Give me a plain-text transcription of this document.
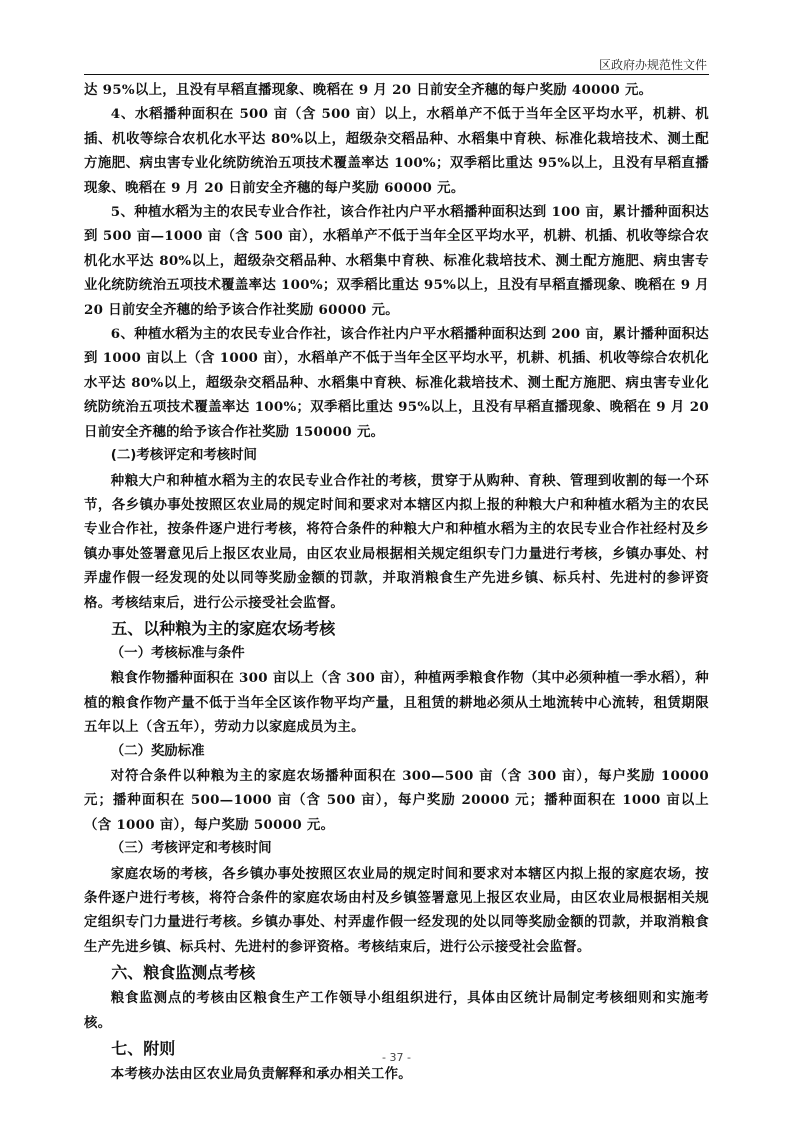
区政府办规范性文件

达 95%以上，且没有早稻直播现象、晚稻在 9 月 20 日前安全齐穗的每户奖励 40000 元。

4、水稻播种面积在 500 亩（含 500 亩）以上，水稻单产不低于当年全区平均水平，机耕、机插、机收等综合农机化水平达 80%以上，超级杂交稻品种、水稻集中育秧、标准化栽培技术、测土配方施肥、病虫害专业化统防统治五项技术覆盖率达 100%；双季稻比重达 95%以上，且没有早稻直播现象、晚稻在 9 月 20 日前安全齐穗的每户奖励 60000 元。

5、种植水稻为主的农民专业合作社，该合作社内户平水稻播种面积达到 100 亩，累计播种面积达到 500 亩—1000 亩（含 500 亩），水稻单产不低于当年全区平均水平，机耕、机插、机收等综合农机化水平达 80%以上，超级杂交稻品种、水稻集中育秧、标准化栽培技术、测土配方施肥、病虫害专业化统防统治五项技术覆盖率达 100%；双季稻比重达 95%以上，且没有早稻直播现象、晚稻在 9 月 20 日前安全齐穗的给予该合作社奖励 60000 元。

6、种植水稻为主的农民专业合作社，该合作社内户平水稻播种面积达到 200 亩，累计播种面积达到 1000 亩以上（含 1000 亩），水稻单产不低于当年全区平均水平，机耕、机插、机收等综合农机化水平达 80%以上，超级杂交稻品种、水稻集中育秧、标准化栽培技术、测土配方施肥、病虫害专业化统防统治五项技术覆盖率达 100%；双季稻比重达 95%以上，且没有早稻直播现象、晚稻在 9 月 20 日前安全齐穗的给予该合作社奖励 150000 元。

(二)考核评定和考核时间

种粮大户和种植水稻为主的农民专业合作社的考核，贯穿于从购种、育秧、管理到收割的每一个环节，各乡镇办事处按照区农业局的规定时间和要求对本辖区内拟上报的种粮大户和种植水稻为主的农民专业合作社，按条件逐户进行考核，将符合条件的种粮大户和种植水稻为主的农民专业合作社经村及乡镇办事处签署意见后上报区农业局，由区农业局根据相关规定组织专门力量进行考核，乡镇办事处、村弄虚作假一经发现的处以同等奖励金额的罚款，并取消粮食生产先进乡镇、标兵村、先进村的参评资格。考核结束后，进行公示接受社会监督。

五、以种粮为主的家庭农场考核

（一）考核标准与条件

粮食作物播种面积在 300 亩以上（含 300 亩），种植两季粮食作物（其中必须种植一季水稻），种植的粮食作物产量不低于当年全区该作物平均产量，且租赁的耕地必须从土地流转中心流转，租赁期限五年以上（含五年），劳动力以家庭成员为主。

（二）奖励标准

对符合条件以种粮为主的家庭农场播种面积在 300—500 亩（含 300 亩），每户奖励 10000 元；播种面积在 500—1000 亩（含 500 亩），每户奖励 20000 元；播种面积在 1000 亩以上（含 1000 亩），每户奖励 50000 元。

（三）考核评定和考核时间

家庭农场的考核，各乡镇办事处按照区农业局的规定时间和要求对本辖区内拟上报的家庭农场，按条件逐户进行考核，将符合条件的家庭农场由村及乡镇签署意见上报区农业局，由区农业局根据相关规定组织专门力量进行考核。乡镇办事处、村弄虚作假一经发现的处以同等奖励金额的罚款，并取消粮食生产先进乡镇、标兵村、先进村的参评资格。考核结束后，进行公示接受社会监督。

六、粮食监测点考核

粮食监测点的考核由区粮食生产工作领导小组组织进行，具体由区统计局制定考核细则和实施考核。

七、附则

本考核办法由区农业局负责解释和承办相关工作。

- 37 -
